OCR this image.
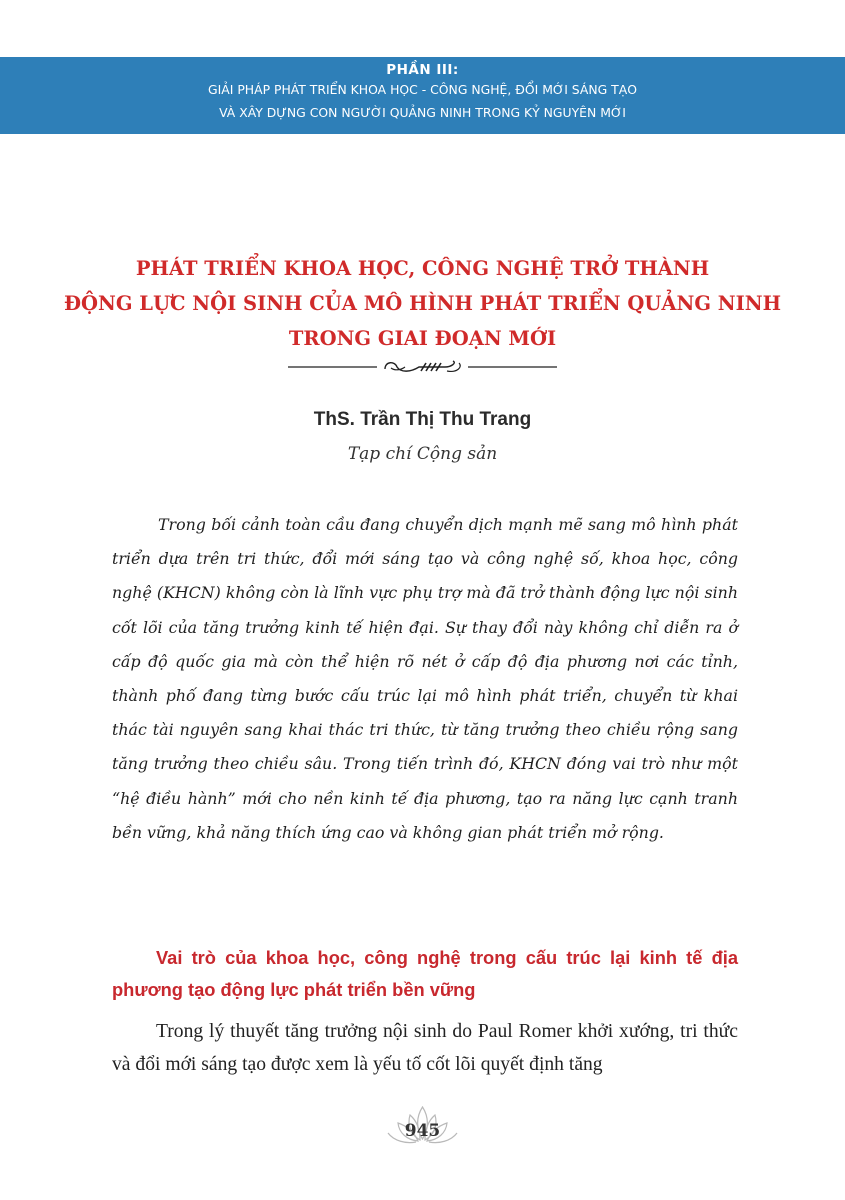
PHẦN III:
GIẢI PHÁP PHÁT TRIỂN KHOA HỌC - CÔNG NGHỆ, ĐỔI MỚI SÁNG TẠO
VÀ XÂY DỰNG CON NGƯỜI QUẢNG NINH TRONG KỶ NGUYÊN MỚI
PHÁT TRIỂN KHOA HỌC, CÔNG NGHỆ TRỞ THÀNH
ĐỘNG LỰC NỘI SINH CỦA MÔ HÌNH PHÁT TRIỂN QUẢNG NINH
TRONG GIAI ĐOẠN MỚI
ThS. Trần Thị Thu Trang
Tạp chí Cộng sản

Trong bối cảnh toàn cầu đang chuyển dịch mạnh mẽ sang mô hình phát triển dựa trên tri thức, đổi mới sáng tạo và công nghệ số, khoa học, công nghệ (KHCN) không còn là lĩnh vực phụ trợ mà đã trở thành động lực nội sinh cốt lõi của tăng trưởng kinh tế hiện đại. Sự thay đổi này không chỉ diễn ra ở cấp độ quốc gia mà còn thể hiện rõ nét ở cấp độ địa phương nơi các tỉnh, thành phố đang từng bước cấu trúc lại mô hình phát triển, chuyển từ khai thác tài nguyên sang khai thác tri thức, từ tăng trưởng theo chiều rộng sang tăng trưởng theo chiều sâu. Trong tiến trình đó, KHCN đóng vai trò như một “hệ điều hành” mới cho nền kinh tế địa phương, tạo ra năng lực cạnh tranh bền vững, khả năng thích ứng cao và không gian phát triển mở rộng.

Vai trò của khoa học, công nghệ trong cấu trúc lại kinh tế địa phương tạo động lực phát triển bền vững

Trong lý thuyết tăng trưởng nội sinh do Paul Romer khởi xướng, tri thức và đổi mới sáng tạo được xem là yếu tố cốt lõi quyết định tăng

945
